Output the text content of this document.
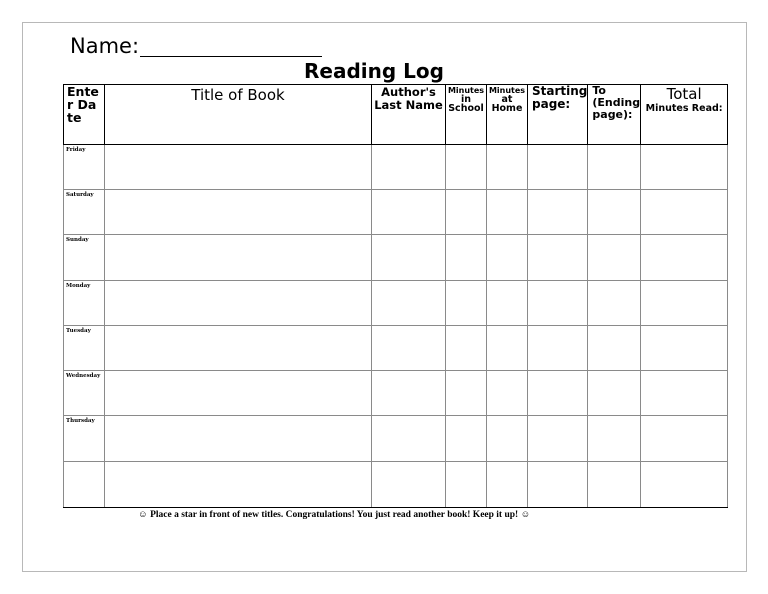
Name:
Reading Log
Enter Date	Title of Book	Author's Last Name	Minutes
in
School	Minutes
at
Home	Starting page:	To (Ending page):	Total
Minutes Read:

Friday							
Saturday							
Sunday							
Monday							
Tuesday							
Wednesday							
Thursday							

☺ Place a star in front of new titles. Congratulations! You just read another book! Keep it up! ☺
